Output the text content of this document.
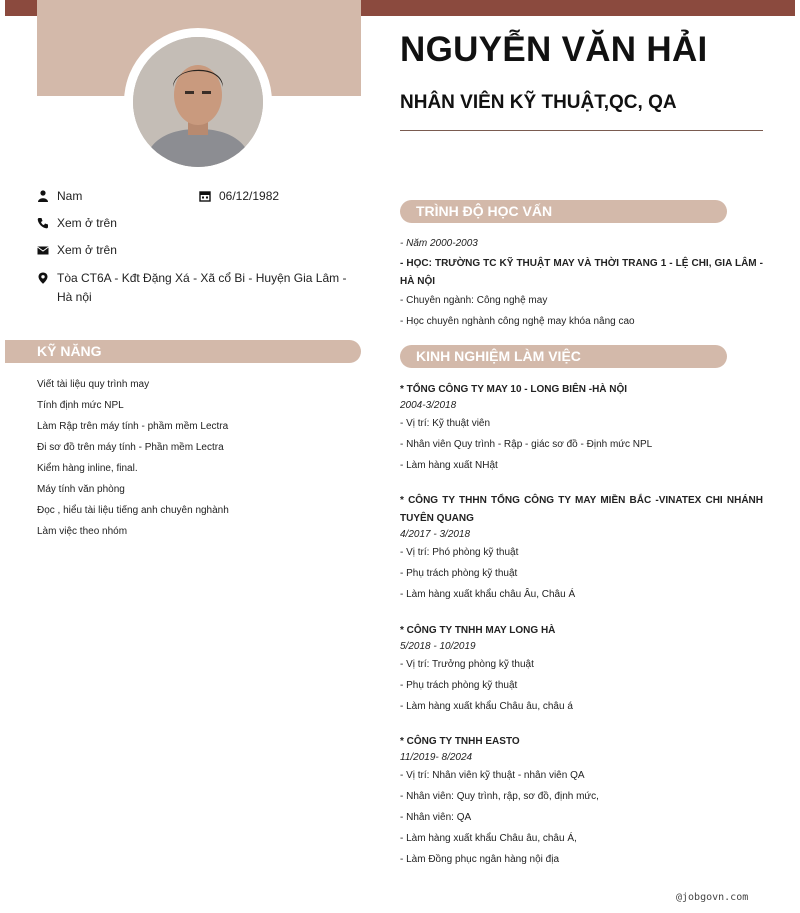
NGUYỄN VĂN HẢI
NHÂN VIÊN KỸ THUẬT,QC, QA
Nam	06/12/1982
Xem ở trên
Xem ở trên
Tòa CT6A - Kđt Đặng Xá - Xã cổ Bi - Huyện Gia Lâm - Hà nội
KỸ NĂNG
Viết tài liệu quy trình may
Tính định mức NPL
Làm Rập trên máy tính - phầm mềm Lectra
Đi sơ đồ trên máy tính - Phần mềm Lectra
Kiểm hàng inline, final.
Máy tính văn phòng
Đọc , hiểu tài liệu tiếng anh chuyên nghành
Làm việc theo nhóm
TRÌNH ĐỘ HỌC VẤN
- Năm 2000-2003
- HỌC: TRƯỜNG TC KỸ THUẬT MAY VÀ THỜI TRANG 1 - LỆ CHI, GIA LÂM - HÀ NỘI
- Chuyên ngành: Công nghệ may
- Học chuyên nghành công nghệ may khóa nâng cao
KINH NGHIỆM LÀM VIỆC
* TỔNG CÔNG TY MAY 10 - LONG BIÊN -HÀ NỘI
2004-3/2018
- Vị trí: Kỹ thuật viên
- Nhân viên Quy trình - Rập - giác sơ đồ - Định mức NPL
- Làm hàng xuất NHật
* CÔNG TY THHN TỔNG CÔNG TY MAY MIỀN BẮC -VINATEX CHI NHÁNH TUYÊN QUANG
4/2017 - 3/2018
- Vị trí: Phó phòng kỹ thuật
- Phụ trách phòng kỹ thuật
- Làm hàng xuất khẩu châu Âu, Châu Á
* CÔNG TY TNHH MAY LONG HÀ
5/2018 - 10/2019
- Vị trí: Trưởng phòng kỹ thuật
- Phụ trách phòng kỹ thuật
- Làm hàng xuất khẩu Châu âu, châu á
* CÔNG TY TNHH EASTO
11/2019- 8/2024
- Vị trí: Nhân viên kỹ thuật - nhân viên QA
- Nhân viên: Quy trình, rập, sơ đồ, định mức,
- Nhân viên: QA
- Làm hàng xuất khẩu Châu âu, châu Á,
- Làm Đồng phục ngân hàng nội địa
@jobgovn.com
